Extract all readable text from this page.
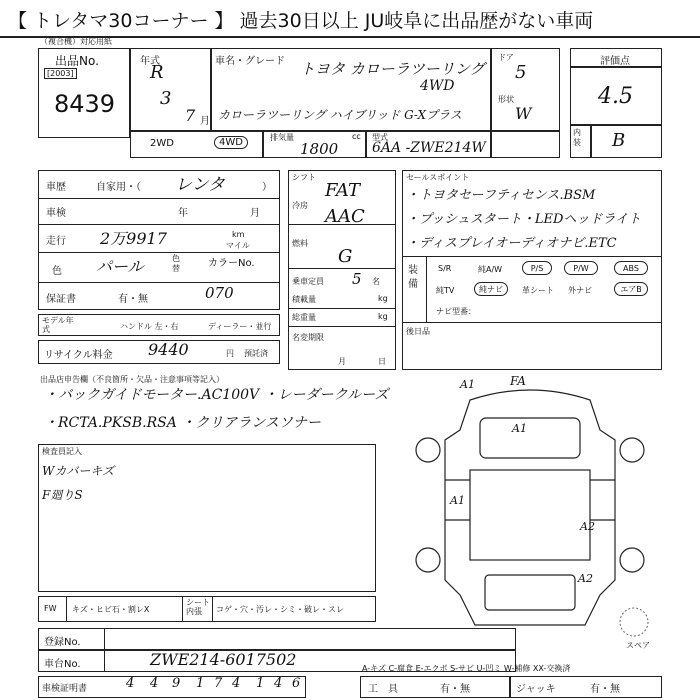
【 トレタマ30コーナー 】 過去30日以上 JU岐阜に出品歴がない車両
（複合機）対応用紙
出品No.
[2003]
8439
年式
R
3
7 月
車名・グレード トヨタ カローラツーリング
4WD
カローラツーリング ハイブリッド G-Xプラス
ドア
5
形状
W
評価点
4.5
内装	B
2WD	4WD	排気量	cc
1800
型式
6AA -ZWE214W
車歴	自家用・（ レンタ	）
車検	年	月
走行 2万9917	km
マイル
色 パール	色替	カラーNo.
保証書	有・無	070
モデル年式	ハンドル 左・右	ディーラー・並行
リサイクル料金 9440	円 預託済
シフト
FAT
冷房
AAC
燃料
G
乗車定員 5 名
積載量	kg
総重量	kg
名変期限
月	日
セールスポイント
・トヨタセーフティセンス.BSM
・プッシュスタート・LEDヘッドライト
・ディスプレイオーディオナビ.ETC
装備
S/R	純A/W	P/S	P/W	ABS
純TV	純ナビ	革シート 外ナビ	エアB
ナビ型番：
後日品
出品店申告欄（不良箇所・欠品・注意事項等記入）
・バックガイドモーター.AC100V ・レーダークルーズ
・RCTA.PKSB.RSA ・クリアランスソナー
検査員記入
Wカバーキズ
F廻りS
A1	FA
A1
A1
A2
A2
スペア
FW キズ・ヒビ石・割レX
シート内張	コゲ・穴・汚レ・シミ・破レ・スレ
登録No.
車台No.	ZWE214-6017502	A-キズ C-腐食 E-エクボ S-サビ U-凹ミ W-補修 XX-交換済
車検証明書	4 4 9 1 7 4 1 4 6	工　具	有・無	ジャッキ	有・無
